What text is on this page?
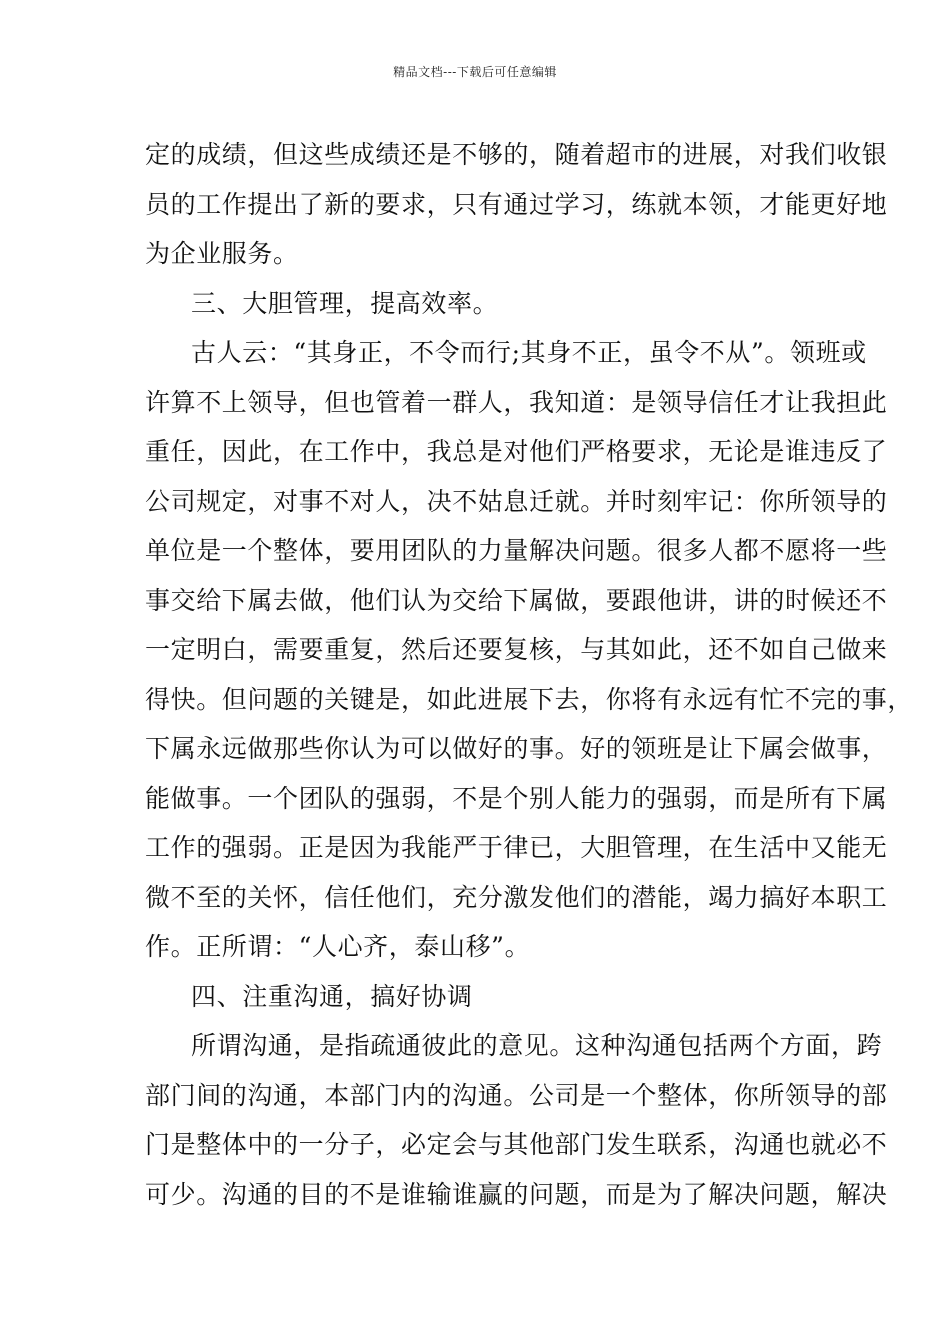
精品文档---下载后可任意编辑
定的成绩，但这些成绩还是不够的，随着超市的进展，对我们收银
员的工作提出了新的要求，只有通过学习，练就本领，才能更好地
为企业服务。
三、大胆管理，提高效率。
古人云：“其身正，不令而行;其身不正，虽令不从”。领班或
许算不上领导，但也管着一群人，我知道：是领导信任才让我担此
重任，因此，在工作中，我总是对他们严格要求，无论是谁违反了
公司规定，对事不对人，决不姑息迁就。并时刻牢记：你所领导的
单位是一个整体，要用团队的力量解决问题。很多人都不愿将一些
事交给下属去做，他们认为交给下属做，要跟他讲，讲的时候还不
一定明白，需要重复，然后还要复核，与其如此，还不如自己做来
得快。但问题的关键是，如此进展下去，你将有永远有忙不完的事，
下属永远做那些你认为可以做好的事。好的领班是让下属会做事，
能做事。一个团队的强弱，不是个别人能力的强弱，而是所有下属
工作的强弱。正是因为我能严于律已，大胆管理，在生活中又能无
微不至的关怀，信任他们，充分激发他们的潜能，竭力搞好本职工
作。正所谓：“人心齐，泰山移”。
四、注重沟通，搞好协调
所谓沟通，是指疏通彼此的意见。这种沟通包括两个方面，跨
部门间的沟通，本部门内的沟通。公司是一个整体，你所领导的部
门是整体中的一分子，必定会与其他部门发生联系，沟通也就必不
可少。沟通的目的不是谁输谁赢的问题，而是为了解决问题，解决
